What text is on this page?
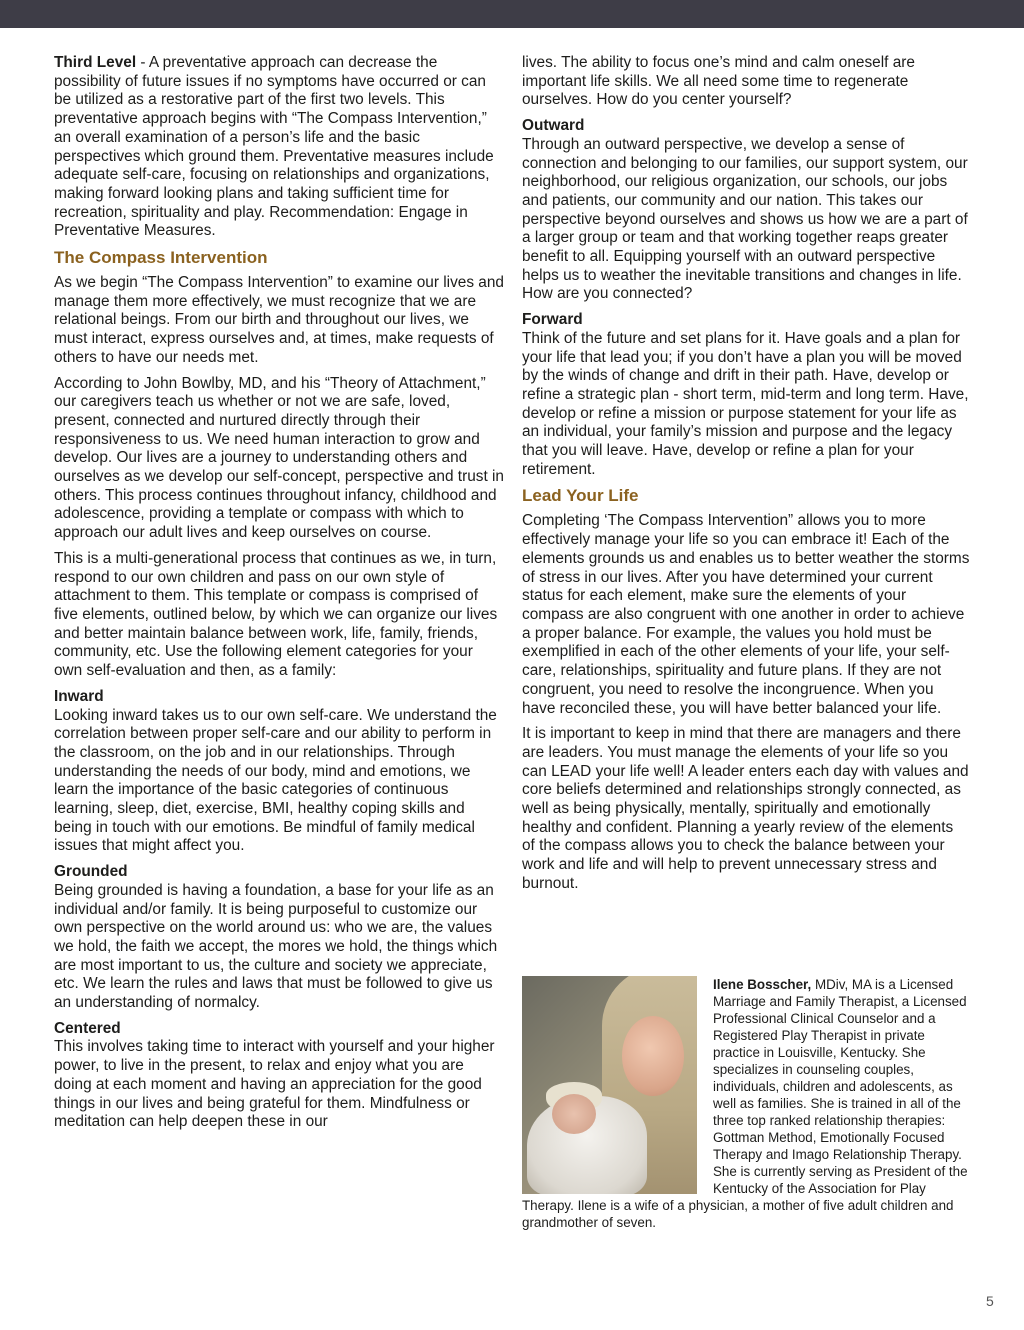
Third Level - A preventative approach can decrease the possibility of future issues if no symptoms have occurred or can be utilized as a restorative part of the first two levels. This preventative approach begins with “The Compass Intervention,” an overall examination of a person’s life and the basic perspectives which ground them. Preventative measures include adequate self-care, focusing on relationships and organizations, making forward looking plans and taking sufficient time for recreation, spirituality and play. Recommendation: Engage in Preventative Measures.

The Compass Intervention

As we begin “The Compass Intervention” to examine our lives and manage them more effectively, we must recognize that we are relational beings. From our birth and throughout our lives, we must interact, express ourselves and, at times, make requests of others to have our needs met.

According to John Bowlby, MD, and his “Theory of Attachment,” our caregivers teach us whether or not we are safe, loved, present, connected and nurtured directly through their responsiveness to us. We need human interaction to grow and develop. Our lives are a journey to understanding others and ourselves as we develop our self-concept, perspective and trust in others. This process continues throughout infancy, childhood and adolescence, providing a template or compass with which to approach our adult lives and keep ourselves on course.

This is a multi-generational process that continues as we, in turn, respond to our own children and pass on our own style of attachment to them. This template or compass is comprised of five elements, outlined below, by which we can organize our lives and better maintain balance between work, life, family, friends, community, etc. Use the following element categories for your own self-evaluation and then, as a family:

Inward
Looking inward takes us to our own self-care. We understand the correlation between proper self-care and our ability to perform in the classroom, on the job and in our relationships. Through understanding the needs of our body, mind and emotions, we learn the importance of the basic categories of continuous learning, sleep, diet, exercise, BMI, healthy coping skills and being in touch with our emotions. Be mindful of family medical issues that might affect you.
Grounded
Being grounded is having a foundation, a base for your life as an individual and/or family. It is being purposeful to customize our own perspective on the world around us: who we are, the values we hold, the faith we accept, the mores we hold, the things which are most important to us, the culture and society we appreciate, etc. We learn the rules and laws that must be followed to give us an understanding of normalcy.
Centered
This involves taking time to interact with yourself and your higher power, to live in the present, to relax and enjoy what you are doing at each moment and having an appreciation for the good things in our lives and being grateful for them. Mindfulness or meditation can help deepen these in our

lives. The ability to focus one’s mind and calm oneself are important life skills. We all need some time to regenerate ourselves. How do you center yourself?

Outward
Through an outward perspective, we develop a sense of connection and belonging to our families, our support system, our neighborhood, our religious organization, our schools, our jobs and patients, our community and our nation. This takes our perspective beyond ourselves and shows us how we are a part of a larger group or team and that working together reaps greater benefit to all. Equipping yourself with an outward perspective helps us to weather the inevitable transitions and changes in life. How are you connected?
Forward
Think of the future and set plans for it. Have goals and a plan for your life that lead you; if you don’t have a plan you will be moved by the winds of change and drift in their path. Have, develop or refine a strategic plan - short term, mid-term and long term. Have, develop or refine a mission or purpose statement for your life as an individual, your family’s mission and purpose and the legacy that you will leave. Have, develop or refine a plan for your retirement.
Lead Your Life

Completing ‘The Compass Intervention” allows you to more effectively manage your life so you can embrace it! Each of the elements grounds us and enables us to better weather the storms of stress in our lives. After you have determined your current status for each element, make sure the elements of your compass are also congruent with one another in order to achieve a proper balance. For example, the values you hold must be exemplified in each of the other elements of your life, your self-care, relationships, spirituality and future plans. If they are not congruent, you need to resolve the incongruence. When you have reconciled these, you will have better balanced your life.

It is important to keep in mind that there are managers and there are leaders. You must manage the elements of your life so you can LEAD your life well! A leader enters each day with values and core beliefs determined and relationships strongly connected, as well as being physically, mentally, spiritually and emotionally healthy and confident. Planning a yearly review of the elements of the compass allows you to check the balance between your work and life and will help to prevent unnecessary stress and burnout.

Ilene Bosscher, MDiv, MA is a Licensed Marriage and Family Therapist, a Licensed Professional Clinical Counselor and a Registered Play Therapist in private practice in Louisville, Kentucky. She specializes in counseling couples, individuals, children and adolescents, as well as families. She is trained in all of the three top ranked relationship therapies: Gottman Method, Emotionally Focused Therapy and Imago Relationship Therapy. She is currently serving as President of the Kentucky of the Association for Play Therapy. Ilene is a wife of a physician, a mother of five adult children and grandmother of seven.
5
